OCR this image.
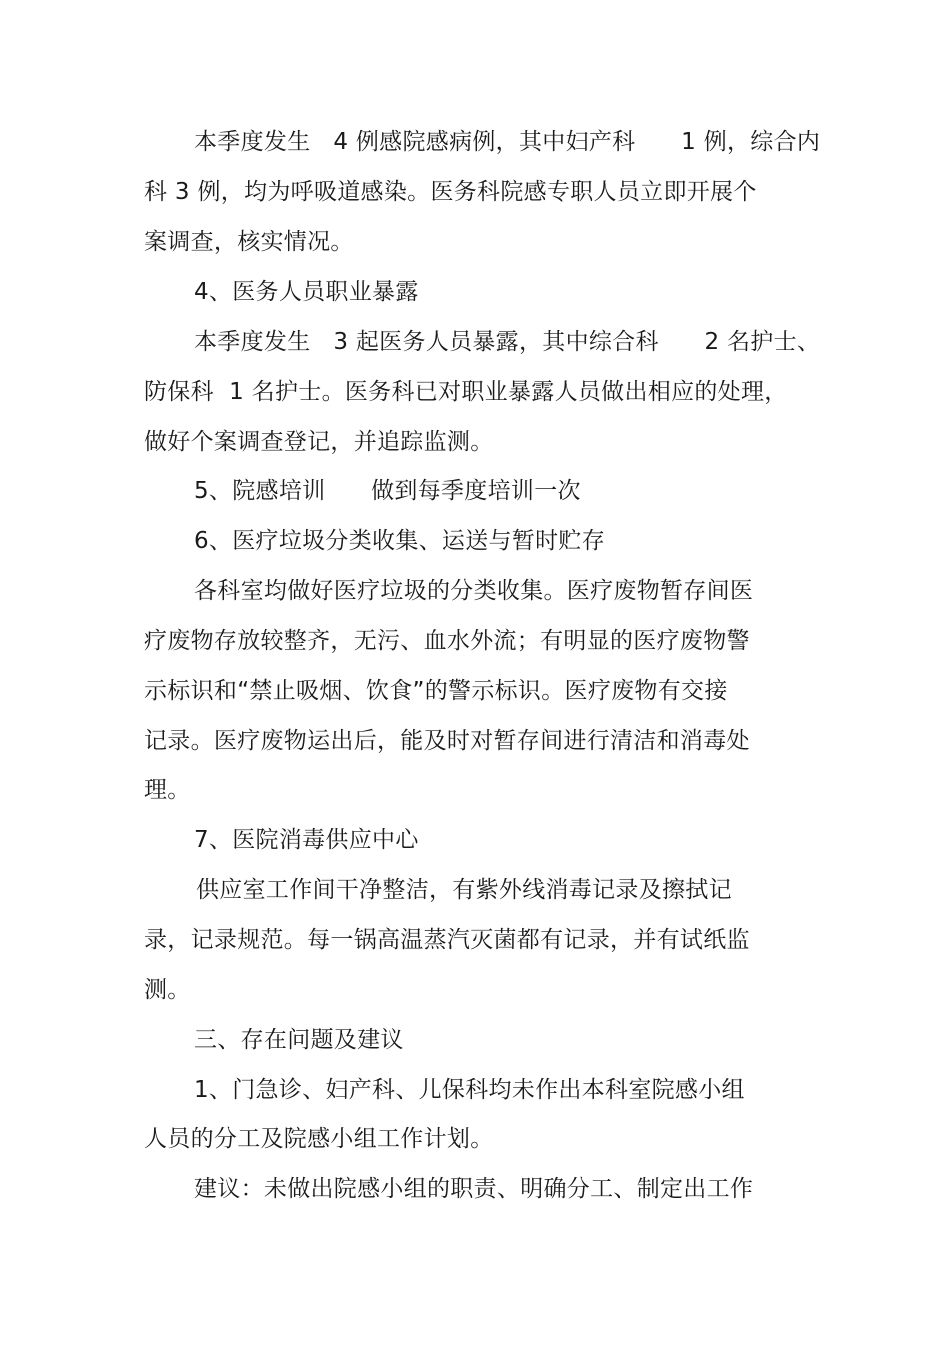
本季度发生   4 例感院感病例，其中妇产科      1 例，综合内
科 3 例，均为呼吸道感染。医务科院感专职人员立即开展个
案调查，核实情况。
4、医务人员职业暴露
本季度发生   3 起医务人员暴露，其中综合科      2 名护士、
防保科  1 名护士。医务科已对职业暴露人员做出相应的处理，
做好个案调查登记，并追踪监测。
5、院感培训      做到每季度培训一次
6、医疗垃圾分类收集、运送与暂时贮存
各科室均做好医疗垃圾的分类收集。医疗废物暂存间医
疗废物存放较整齐，无污、血水外流；有明显的医疗废物警
示标识和“禁止吸烟、饮食”的警示标识。医疗废物有交接
记录。医疗废物运出后，能及时对暂存间进行清洁和消毒处
理。
7、医院消毒供应中心
供应室工作间干净整洁，有紫外线消毒记录及擦拭记
录，记录规范。每一锅高温蒸汽灭菌都有记录，并有试纸监
测。
三、存在问题及建议
1、门急诊、妇产科、儿保科均未作出本科室院感小组
人员的分工及院感小组工作计划。
建议：未做出院感小组的职责、明确分工、制定出工作
